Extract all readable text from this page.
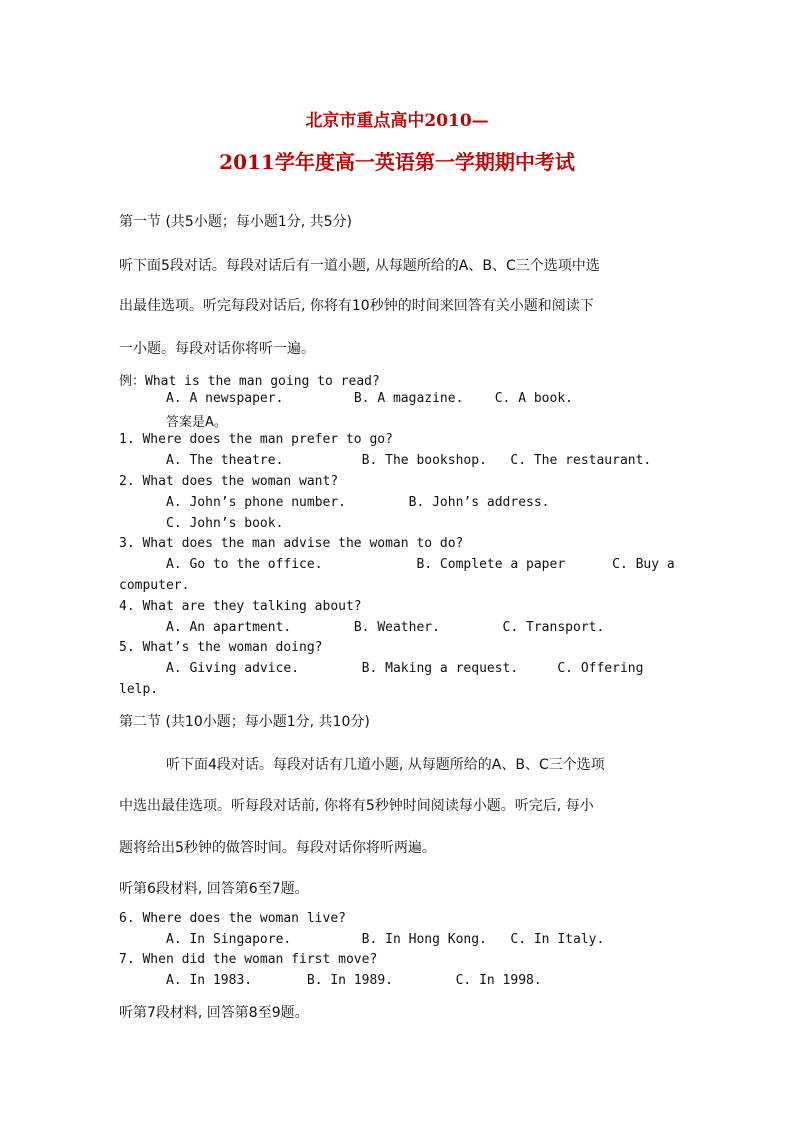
北京市重点高中2010—
2011学年度高一英语第一学期期中考试
第一节 (共5小题；每小题1分, 共5分)
听下面5段对话。每段对话后有一道小题, 从每题所给的A、B、C三个选项中选
出最佳选项。听完每段对话后, 你将有10秒钟的时间来回答有关小题和阅读下
一小题。每段对话你将听一遍。
例：What is the man going to read?
A. A newspaper.         B. A magazine.    C. A book.
答案是A。
1. Where does the man prefer to go?
A. The theatre.          B. The bookshop.   C. The restaurant.
2. What does the woman want?
A. John’s phone number.        B. John’s address.
C. John’s book.
3. What does the man advise the woman to do?
A. Go to the office.            B. Complete a paper      C. Buy a
computer.
4. What are they talking about?
A. An apartment.        B. Weather.        C. Transport.
5. What’s the woman doing?
A. Giving advice.        B. Making a request.     C. Offering
lelp.
第二节 (共10小题；每小题1分, 共10分)
听下面4段对话。每段对话有几道小题, 从每题所给的A、B、C三个选项
中选出最佳选项。听每段对话前, 你将有5秒钟时间阅读每小题。听完后, 每小
题将给出5秒钟的做答时间。每段对话你将听两遍。
听第6段材料, 回答第6至7题。
6. Where does the woman live?
A. In Singapore.         B. In Hong Kong.   C. In Italy.
7. When did the woman first move?
A. In 1983.       B. In 1989.        C. In 1998.
听第7段材料, 回答第8至9题。
